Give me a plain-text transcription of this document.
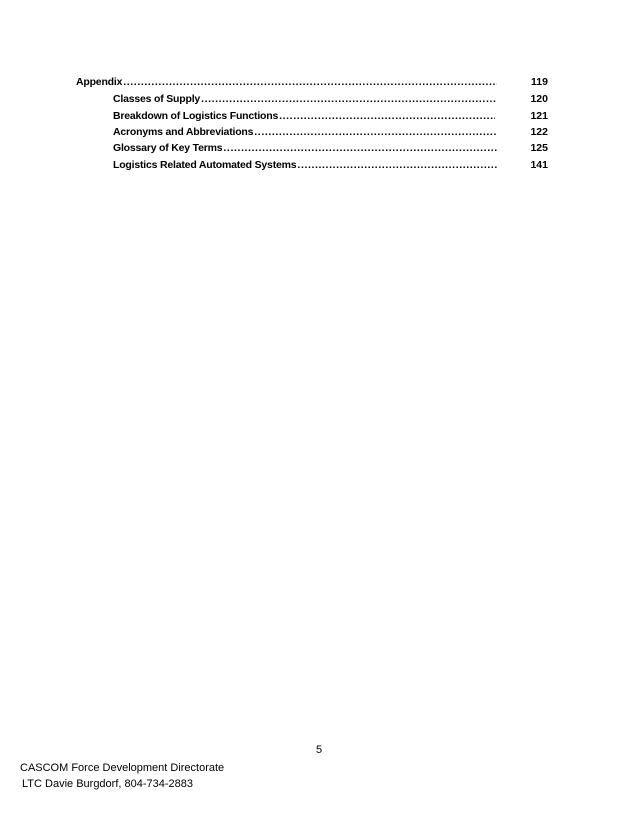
Appendix .....	119
Classes of Supply .....	120
Breakdown of Logistics Functions .....	121
Acronyms and Abbreviations .....	122
Glossary of Key Terms .....	125
Logistics Related Automated Systems .....	141
5
CASCOM Force Development Directorate
LTC Davie Burgdorf, 804-734-2883
